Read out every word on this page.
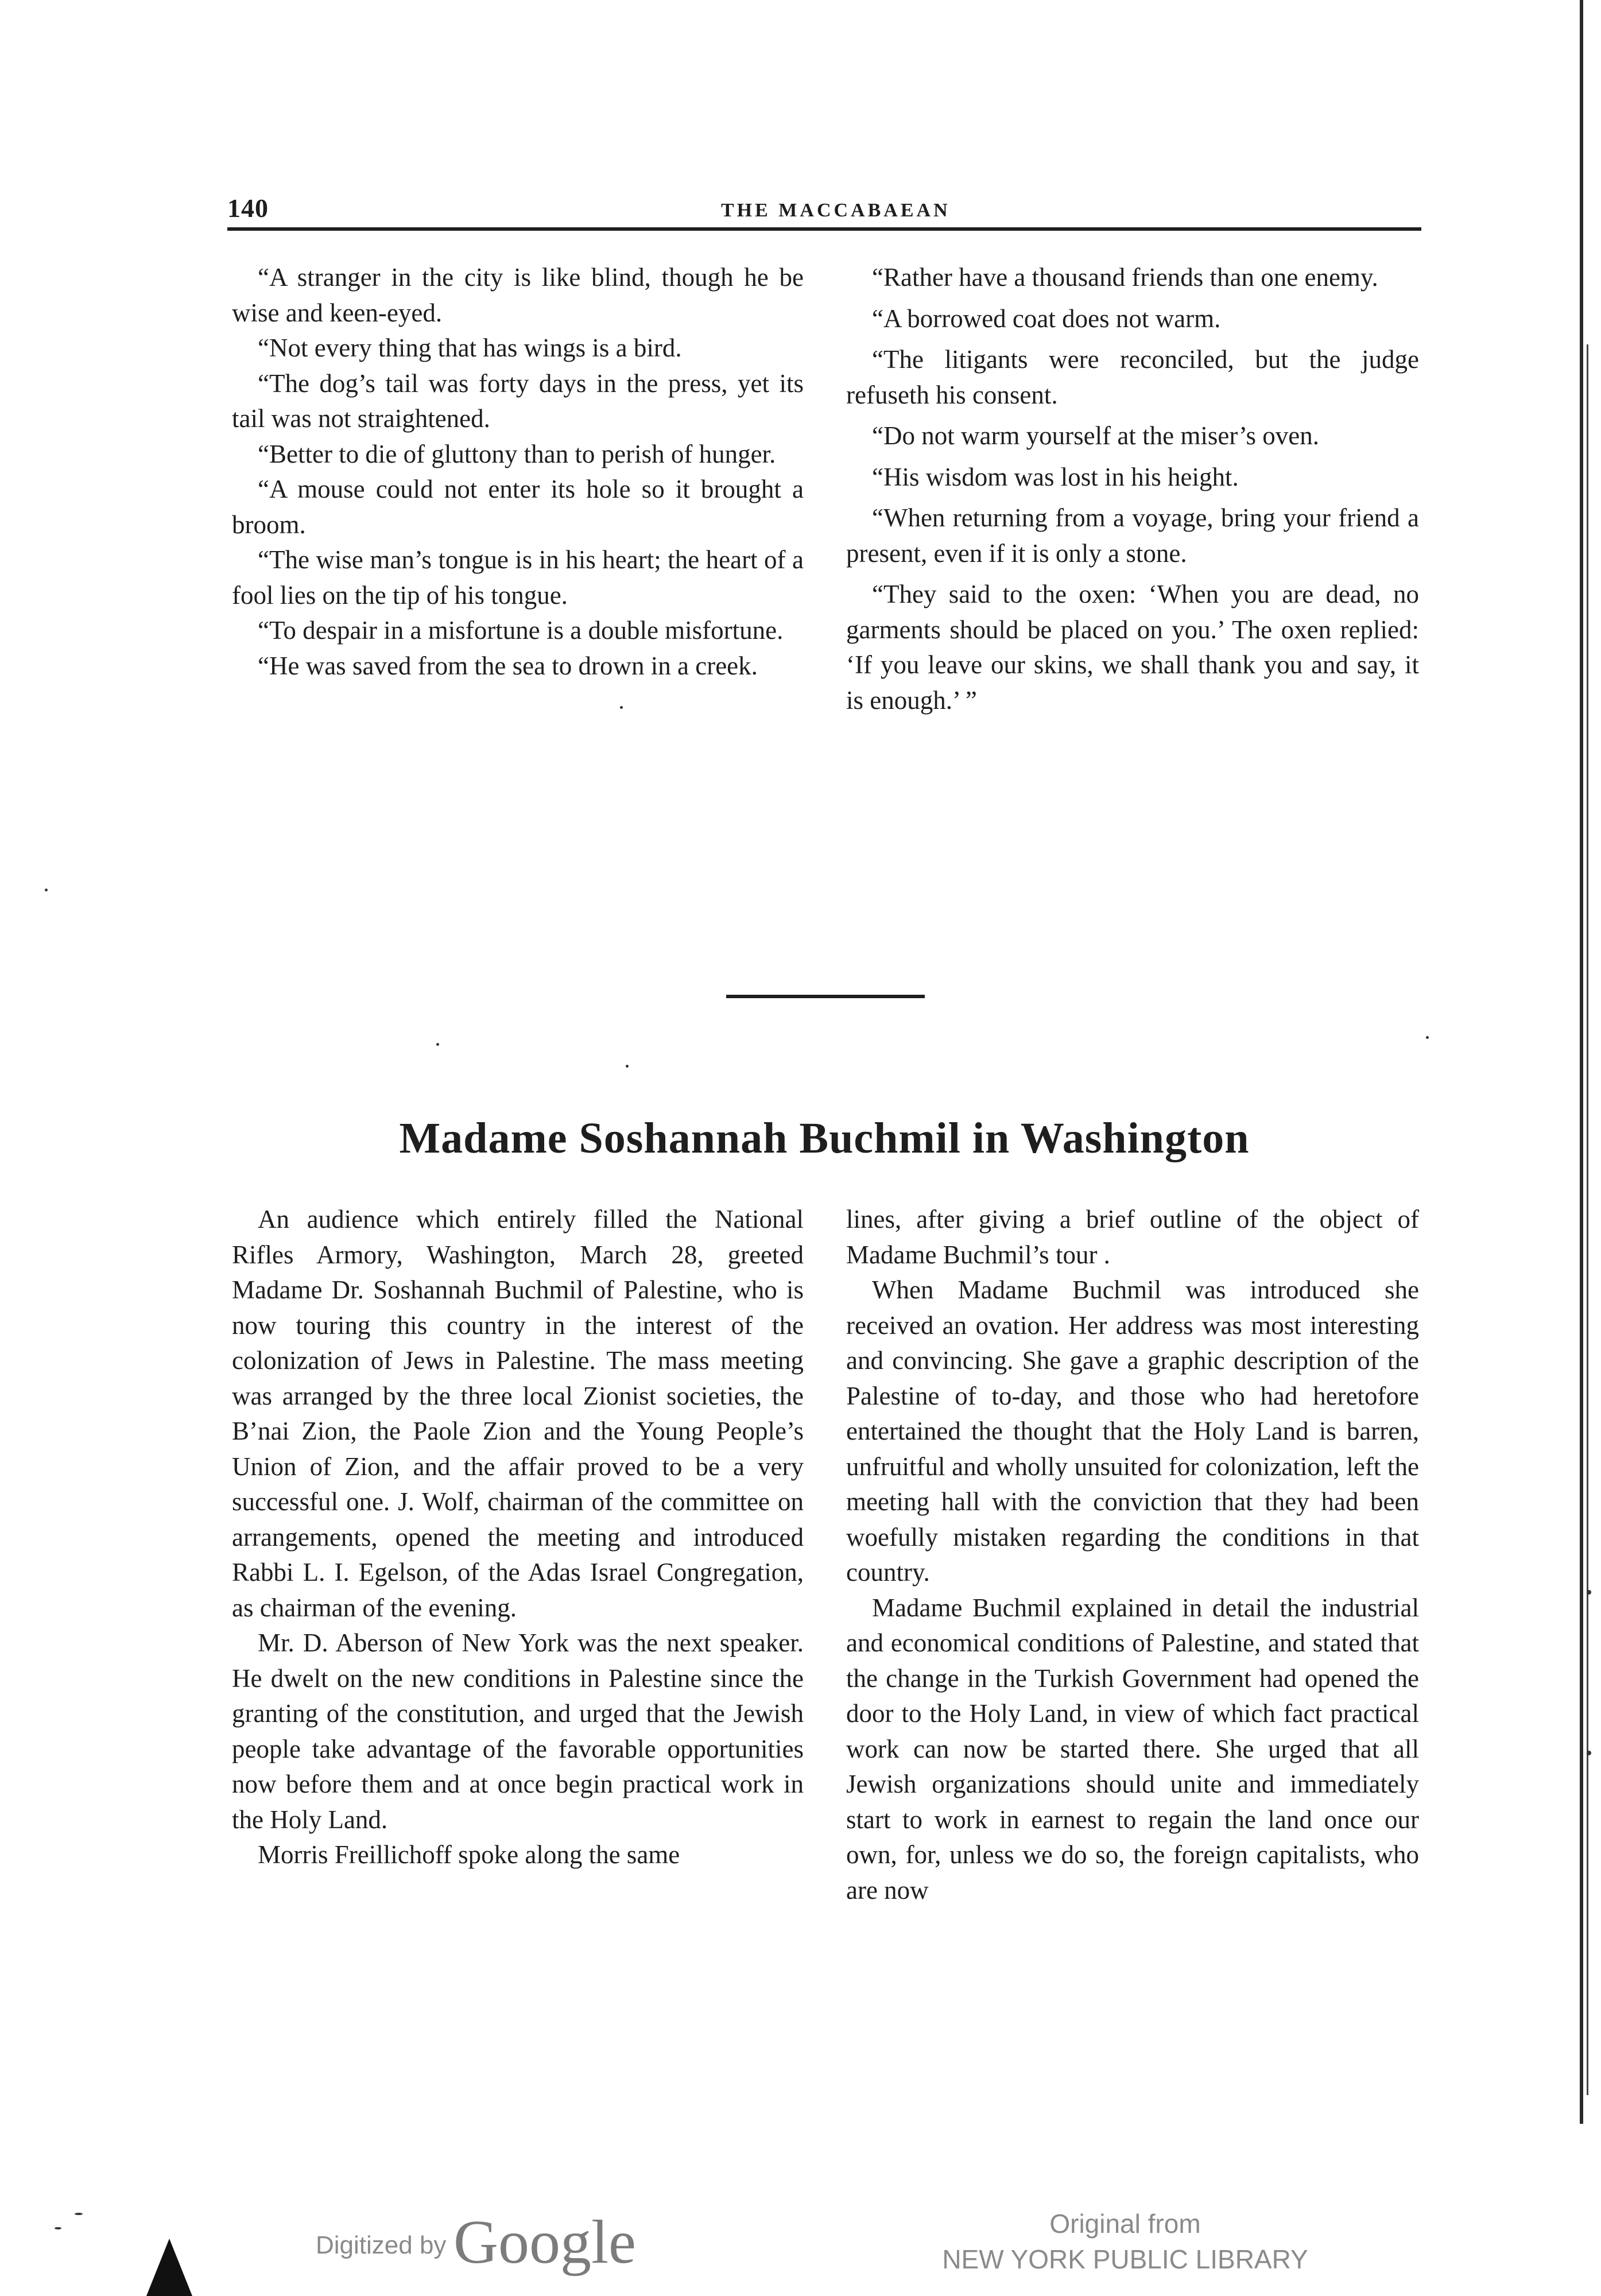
140	THE MACCABAEAN

“A stranger in the city is like blind, though he be wise and keen-eyed.

“Not every thing that has wings is a bird.

“The dog’s tail was forty days in the press, yet its tail was not straightened.

“Better to die of gluttony than to perish of hunger.

“A mouse could not enter its hole so it brought a broom.

“The wise man’s tongue is in his heart; the heart of a fool lies on the tip of his tongue.

“To despair in a misfortune is a double misfortune.

“He was saved from the sea to drown in a creek.

“Rather have a thousand friends than one enemy.

“A borrowed coat does not warm.

“The litigants were reconciled, but the judge refuseth his consent.

“Do not warm yourself at the miser’s oven.

“His wisdom was lost in his height.

“When returning from a voyage, bring your friend a present, even if it is only a stone.

“They said to the oxen: ‘When you are dead, no garments should be placed on you.’ The oxen replied: ‘If you leave our skins, we shall thank you and say, it is enough.’ ”

Madame Soshannah Buchmil in Washington

An audience which entirely filled the National Rifles Armory, Washington, March 28, greeted Madame Dr. Soshannah Buchmil of Palestine, who is now touring this country in the interest of the colonization of Jews in Palestine. The mass meeting was arranged by the three local Zionist societies, the B’nai Zion, the Paole Zion and the Young People’s Union of Zion, and the affair proved to be a very successful one. J. Wolf, chairman of the committee on arrangements, opened the meeting and introduced Rabbi L. I. Egelson, of the Adas Israel Congregation, as chairman of the evening.

Mr. D. Aberson of New York was the next speaker. He dwelt on the new conditions in Palestine since the granting of the constitution, and urged that the Jewish people take advantage of the favorable opportunities now before them and at once begin practical work in the Holy Land.

Morris Freillichoff spoke along the same

lines, after giving a brief outline of the object of Madame Buchmil’s tour .

When Madame Buchmil was introduced she received an ovation. Her address was most interesting and convincing. She gave a graphic description of the Palestine of to-day, and those who had heretofore entertained the thought that the Holy Land is barren, unfruitful and wholly unsuited for colonization, left the meeting hall with the conviction that they had been woefully mistaken regarding the conditions in that country.

Madame Buchmil explained in detail the industrial and economical conditions of Palestine, and stated that the change in the Turkish Government had opened the door to the Holy Land, in view of which fact practical work can now be started there. She urged that all Jewish organizations should unite and immediately start to work in earnest to regain the land once our own, for, unless we do so, the foreign capitalists, who are now

Digitized by Google	Original from
NEW YORK PUBLIC LIBRARY
